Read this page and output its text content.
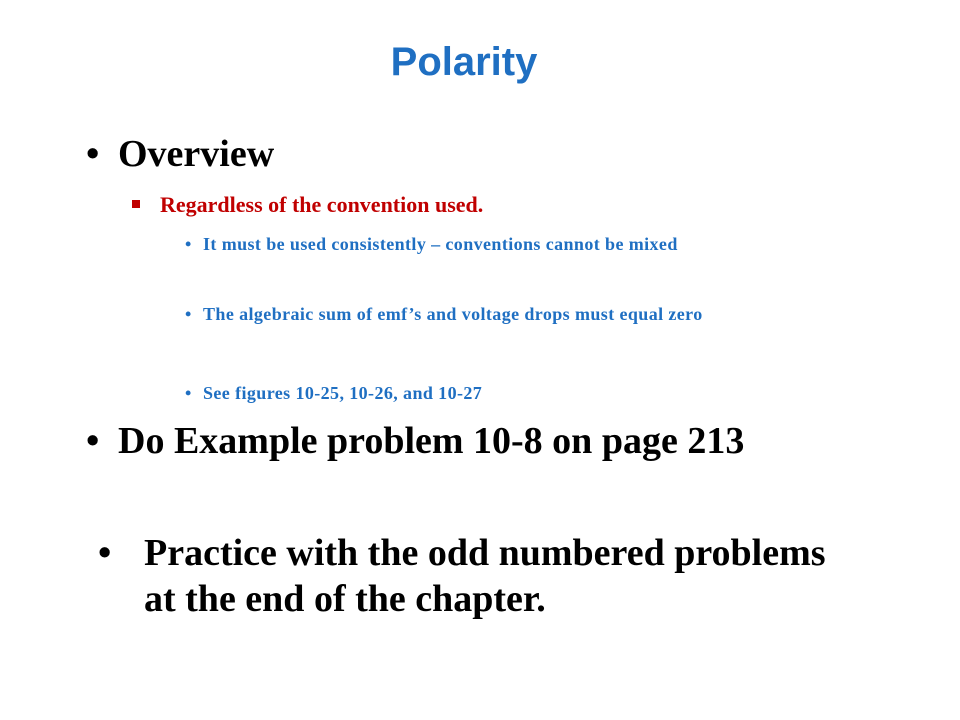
Polarity
• Overview
Regardless of the convention used.
• It must be used consistently – conventions cannot be mixed
• The algebraic sum of emf’s and voltage drops must equal zero
• See figures 10-25, 10-26, and 10-27
• Do Example problem 10-8 on page 213
• Practice with the odd numbered problems at the end of the chapter.
